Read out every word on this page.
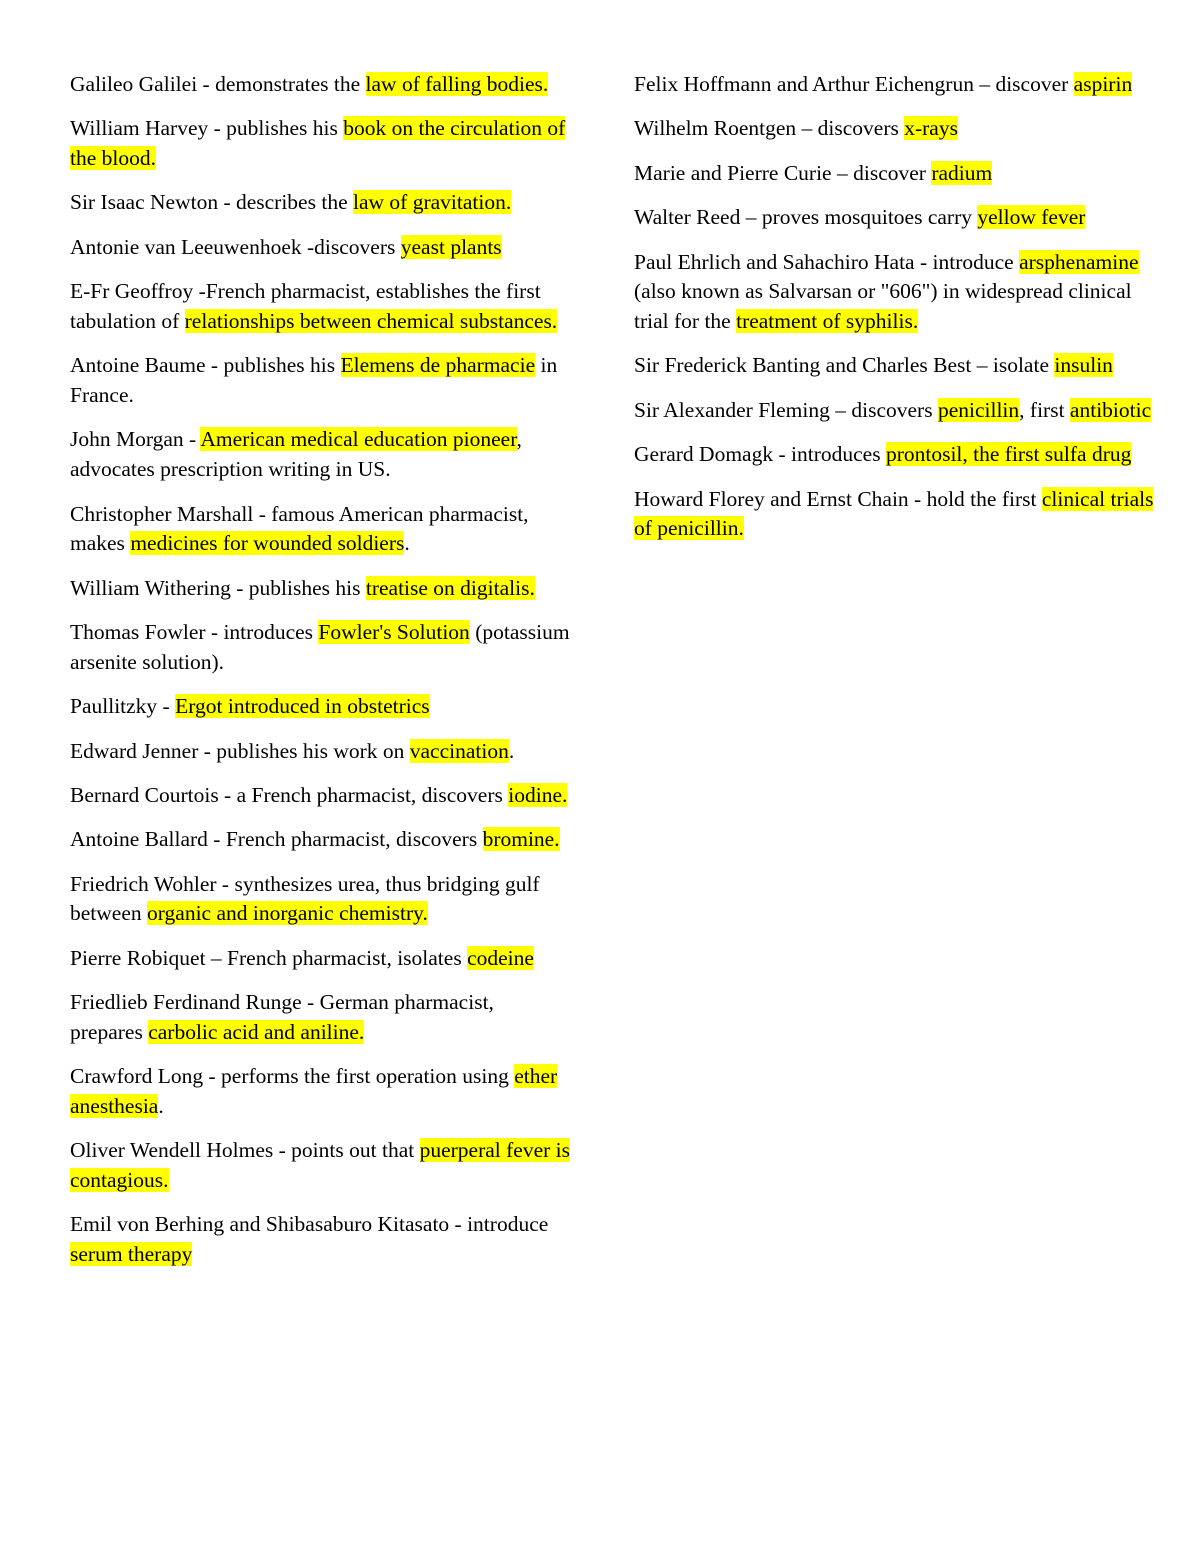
Galileo Galilei - demonstrates the law of falling bodies.

William Harvey - publishes his book on the circulation of the blood.

Sir Isaac Newton - describes the law of gravitation.

Antonie van Leeuwenhoek -discovers yeast plants

E-Fr Geoffroy -French pharmacist, establishes the first tabulation of relationships between chemical substances.

Antoine Baume - publishes his Elemens de pharmacie in France.

John Morgan - American medical education pioneer, advocates prescription writing in US.

Christopher Marshall - famous American pharmacist, makes medicines for wounded soldiers.

William Withering - publishes his treatise on digitalis.

Thomas Fowler - introduces Fowler's Solution (potassium arsenite solution).

Paullitzky - Ergot introduced in obstetrics

Edward Jenner - publishes his work on vaccination.

Bernard Courtois - a French pharmacist, discovers iodine.

Antoine Ballard - French pharmacist, discovers bromine.

Friedrich Wohler - synthesizes urea, thus bridging gulf between organic and inorganic chemistry.

Pierre Robiquet – French pharmacist, isolates codeine

Friedlieb Ferdinand Runge - German pharmacist, prepares carbolic acid and aniline.

Crawford Long - performs the first operation using ether anesthesia.

Oliver Wendell Holmes - points out that puerperal fever is contagious.

Emil von Berhing and Shibasaburo Kitasato - introduce serum therapy

Felix Hoffmann and Arthur Eichengrun – discover aspirin

Wilhelm Roentgen – discovers x-rays

Marie and Pierre Curie – discover radium

Walter Reed – proves mosquitoes carry yellow fever

Paul Ehrlich and Sahachiro Hata - introduce arsphenamine (also known as Salvarsan or "606") in widespread clinical trial for the treatment of syphilis.

Sir Frederick Banting and Charles Best – isolate insulin

Sir Alexander Fleming – discovers penicillin, first antibiotic

Gerard Domagk - introduces prontosil, the first sulfa drug

Howard Florey and Ernst Chain - hold the first clinical trials of penicillin.
